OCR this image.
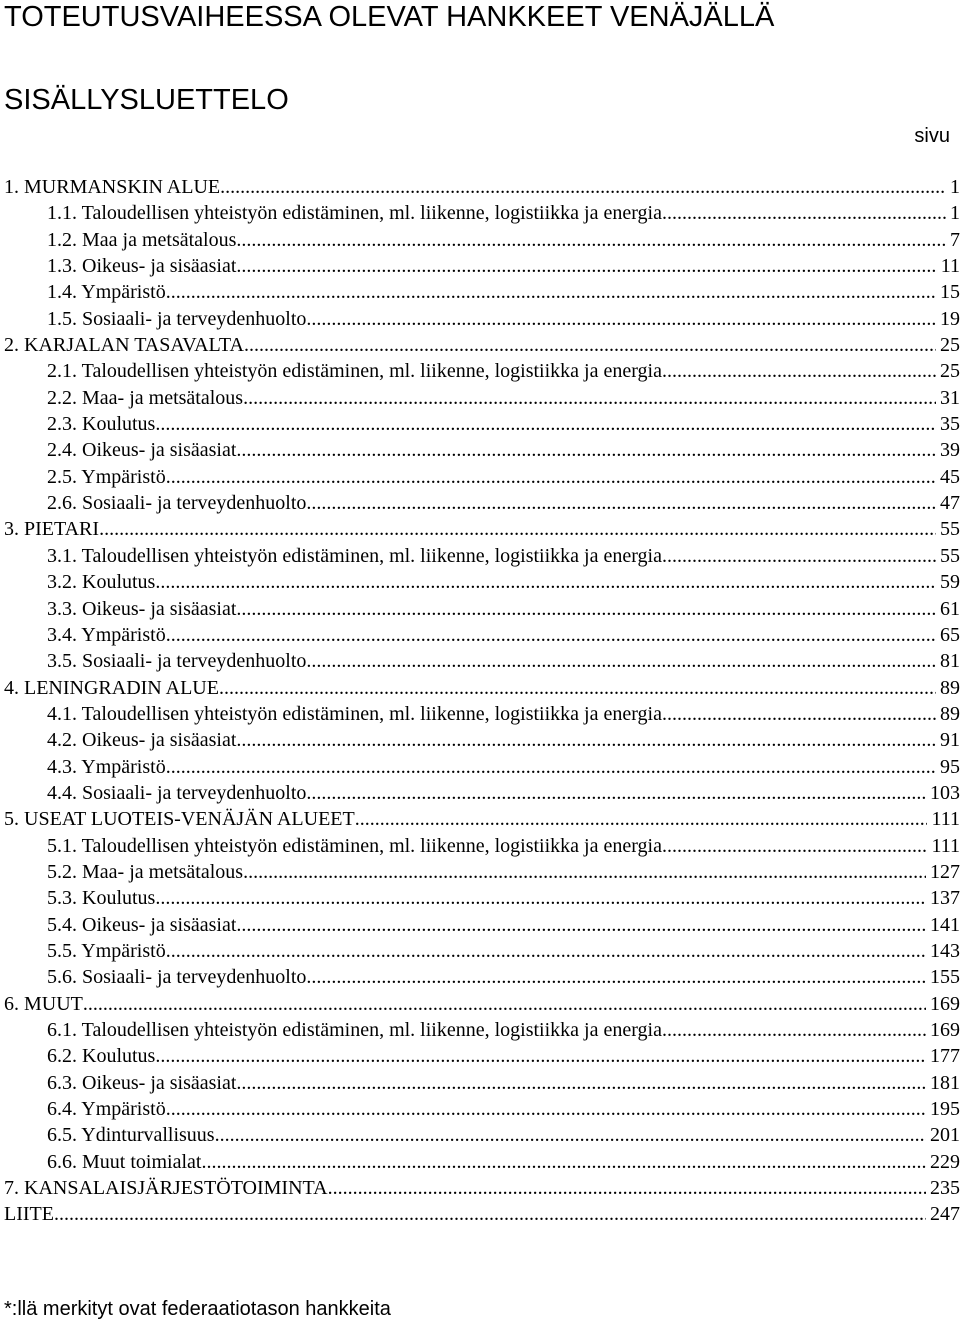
TOTEUTUSVAIHEESSA OLEVAT HANKKEET VENÄJÄLLÄ
SISÄLLYSLUETTELO
sivu
1. MURMANSKIN ALUE .....	1
1.1. Taloudellisen yhteistyön edistäminen, ml. liikenne, logistiikka ja energia .....	1
1.2. Maa ja metsätalous .....	7
1.3. Oikeus- ja sisäasiat .....	11
1.4. Ympäristö .....	15
1.5. Sosiaali- ja terveydenhuolto .....	19
2. KARJALAN TASAVALTA .....	25
2.1. Taloudellisen yhteistyön edistäminen, ml. liikenne, logistiikka ja energia .....	25
2.2. Maa- ja metsätalous .....	31
2.3. Koulutus .....	35
2.4. Oikeus- ja sisäasiat .....	39
2.5. Ympäristö .....	45
2.6. Sosiaali- ja terveydenhuolto .....	47
3. PIETARI .....	55
3.1. Taloudellisen yhteistyön edistäminen, ml. liikenne, logistiikka ja energia .....	55
3.2. Koulutus .....	59
3.3. Oikeus- ja sisäasiat .....	61
3.4. Ympäristö .....	65
3.5. Sosiaali- ja terveydenhuolto .....	81
4. LENINGRADIN ALUE .....	89
4.1. Taloudellisen yhteistyön edistäminen, ml. liikenne, logistiikka ja energia .....	89
4.2. Oikeus- ja sisäasiat .....	91
4.3. Ympäristö .....	95
4.4. Sosiaali- ja terveydenhuolto .....	103
5. USEAT LUOTEIS-VENÄJÄN ALUEET .....	111
5.1. Taloudellisen yhteistyön edistäminen, ml. liikenne, logistiikka ja energia .....	111
5.2. Maa- ja metsätalous .....	127
5.3. Koulutus .....	137
5.4. Oikeus- ja sisäasiat .....	141
5.5. Ympäristö .....	143
5.6. Sosiaali- ja terveydenhuolto .....	155
6. MUUT .....	169
6.1. Taloudellisen yhteistyön edistäminen, ml. liikenne, logistiikka ja energia .....	169
6.2. Koulutus .....	177
6.3. Oikeus- ja sisäasiat .....	181
6.4. Ympäristö .....	195
6.5. Ydinturvallisuus .....	201
6.6. Muut toimialat .....	229
7. KANSALAISJÄRJESTÖTOIMINTA .....	235
LIITE .....	247
*:llä merkityt ovat federaatiotason hankkeita
